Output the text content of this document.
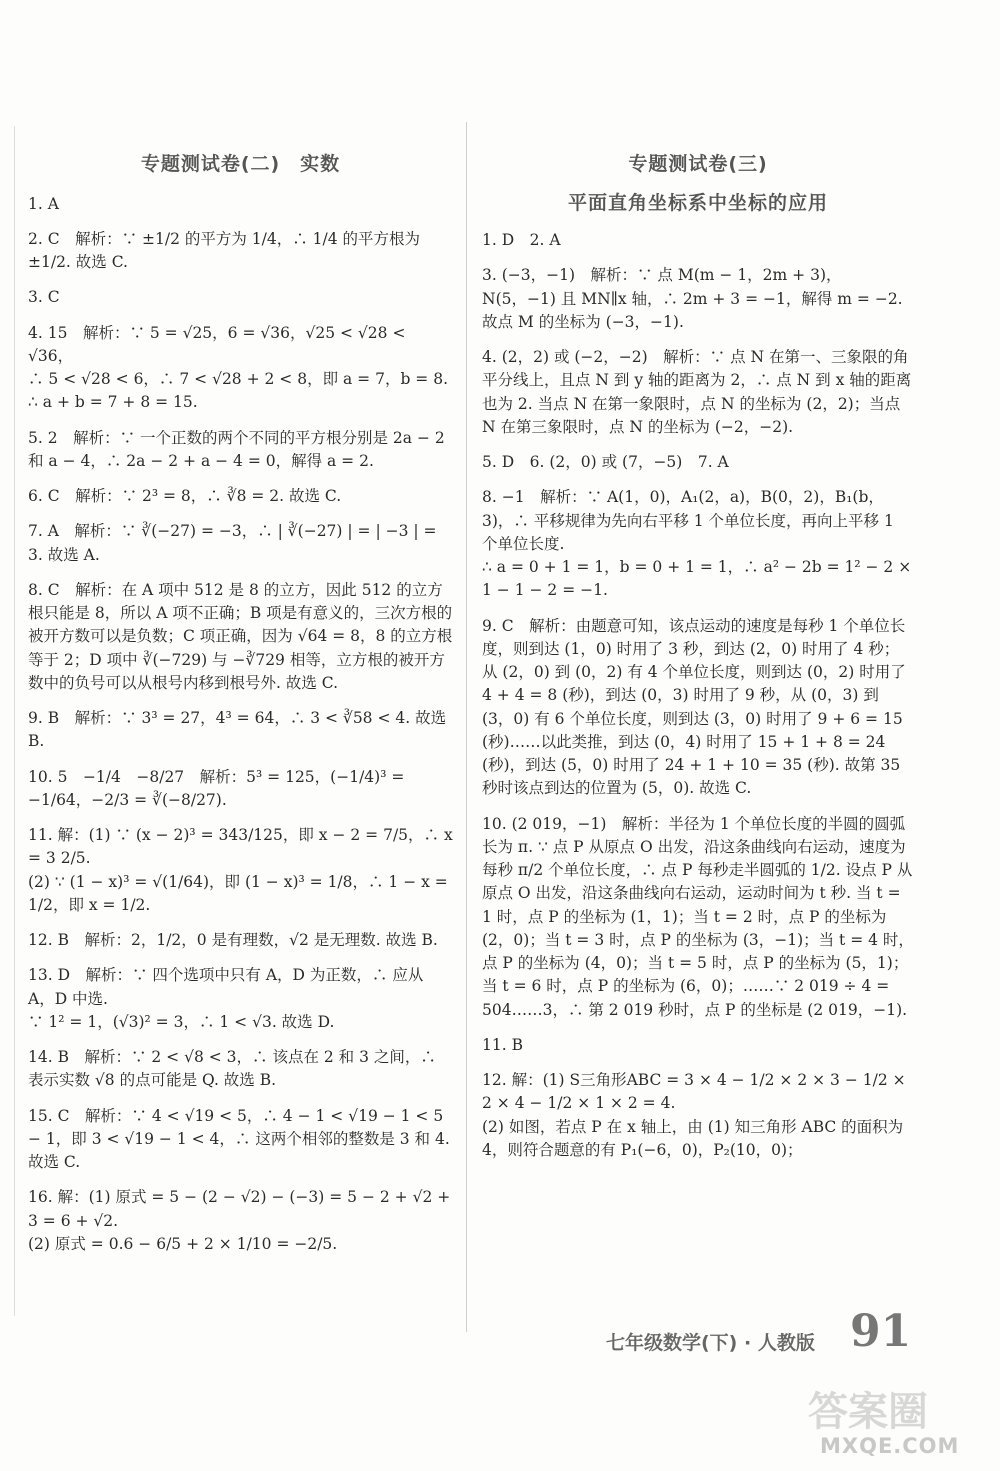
专题测试卷(二)　实数
1. A
2. C　解析：∵ ±1/2 的平方为 1/4，∴ 1/4 的平方根为 ±1/2. 故选 C.
3. C
4. 15　解析：∵ 5 = √25，6 = √36，√25 < √28 < √36，
∴ 5 < √28 < 6，∴ 7 < √28 + 2 < 8，即 a = 7，b = 8.
∴ a + b = 7 + 8 = 15.
5. 2　解析：∵ 一个正数的两个不同的平方根分别是 2a − 2 和 a − 4，∴ 2a − 2 + a − 4 = 0，解得 a = 2.
6. C　解析：∵ 2³ = 8，∴ ∛8 = 2. 故选 C.
7. A　解析：∵ ∛(−27) = −3，∴ | ∛(−27) | = | −3 | = 3. 故选 A.
8. C　解析：在 A 项中 512 是 8 的立方，因此 512 的立方根只能是 8，所以 A 项不正确；B 项是有意义的，三次方根的被开方数可以是负数；C 项正确，因为 √64 = 8，8 的立方根等于 2；D 项中 ∛(−729) 与 −∛729 相等，立方根的被开方数中的负号可以从根号内移到根号外. 故选 C.
9. B　解析：∵ 3³ = 27，4³ = 64，∴ 3 < ∛58 < 4. 故选 B.
10. 5　−1/4　−8/27　解析：5³ = 125，(−1/4)³ = −1/64，−2/3 = ∛(−8/27).
11. 解：(1) ∵ (x − 2)³ = 343/125，即 x − 2 = 7/5，∴ x = 3 2/5.
(2) ∵ (1 − x)³ = √(1/64)，即 (1 − x)³ = 1/8，∴ 1 − x = 1/2，即 x = 1/2.
12. B　解析：2，1/2，0 是有理数，√2 是无理数. 故选 B.
13. D　解析：∵ 四个选项中只有 A，D 为正数，∴ 应从 A，D 中选.
∵ 1² = 1，(√3)² = 3，∴ 1 < √3. 故选 D.
14. B　解析：∵ 2 < √8 < 3，∴ 该点在 2 和 3 之间，∴ 表示实数 √8 的点可能是 Q. 故选 B.
15. C　解析：∵ 4 < √19 < 5，∴ 4 − 1 < √19 − 1 < 5 − 1，即 3 < √19 − 1 < 4，∴ 这两个相邻的整数是 3 和 4. 故选 C.
16. 解：(1) 原式 = 5 − (2 − √2) − (−3) = 5 − 2 + √2 + 3 = 6 + √2.
(2) 原式 = 0.6 − 6/5 + 2 × 1/10 = −2/5.
专题测试卷(三)
平面直角坐标系中坐标的应用
1. D　2. A
3. (−3，−1)　解析：∵ 点 M(m − 1，2m + 3)，N(5，−1) 且 MN∥x 轴，∴ 2m + 3 = −1，解得 m = −2. 故点 M 的坐标为 (−3，−1).
4. (2，2) 或 (−2，−2)　解析：∵ 点 N 在第一、三象限的角平分线上，且点 N 到 y 轴的距离为 2，∴ 点 N 到 x 轴的距离也为 2. 当点 N 在第一象限时，点 N 的坐标为 (2，2)；当点 N 在第三象限时，点 N 的坐标为 (−2，−2).
5. D　6. (2，0) 或 (7，−5)　7. A
8. −1　解析：∵ A(1，0)，A₁(2，a)，B(0，2)，B₁(b，3)，∴ 平移规律为先向右平移 1 个单位长度，再向上平移 1 个单位长度.
∴ a = 0 + 1 = 1，b = 0 + 1 = 1，∴ a² − 2b = 1² − 2 × 1 − 1 − 2 = −1.
9. C　解析：由题意可知，该点运动的速度是每秒 1 个单位长度，则到达 (1，0) 时用了 3 秒，到达 (2，0) 时用了 4 秒；从 (2，0) 到 (0，2) 有 4 个单位长度，则到达 (0，2) 时用了 4 + 4 = 8 (秒)，到达 (0，3) 时用了 9 秒，从 (0，3) 到 (3，0) 有 6 个单位长度，则到达 (3，0) 时用了 9 + 6 = 15 (秒)……以此类推，到达 (0，4) 时用了 15 + 1 + 8 = 24 (秒)，到达 (5，0) 时用了 24 + 1 + 10 = 35 (秒). 故第 35 秒时该点到达的位置为 (5，0). 故选 C.
10. (2 019，−1)　解析：半径为 1 个单位长度的半圆的圆弧长为 π. ∵ 点 P 从原点 O 出发，沿这条曲线向右运动，速度为每秒 π/2 个单位长度，∴ 点 P 每秒走半圆弧的 1/2. 设点 P 从原点 O 出发，沿这条曲线向右运动，运动时间为 t 秒. 当 t = 1 时，点 P 的坐标为 (1，1)；当 t = 2 时，点 P 的坐标为 (2，0)；当 t = 3 时，点 P 的坐标为 (3，−1)；当 t = 4 时，点 P 的坐标为 (4，0)；当 t = 5 时，点 P 的坐标为 (5，1)；当 t = 6 时，点 P 的坐标为 (6，0)；……∵ 2 019 ÷ 4 = 504……3，∴ 第 2 019 秒时，点 P 的坐标是 (2 019，−1).
11. B
12. 解：(1) S三角形ABC = 3 × 4 − 1/2 × 2 × 3 − 1/2 × 2 × 4 − 1/2 × 1 × 2 = 4.
(2) 如图，若点 P 在 x 轴上，由 (1) 知三角形 ABC 的面积为 4，则符合题意的有 P₁(−6，0)，P₂(10，0)；
七年级数学(下) · 人教版 91
答案圈
MXQE.COM
